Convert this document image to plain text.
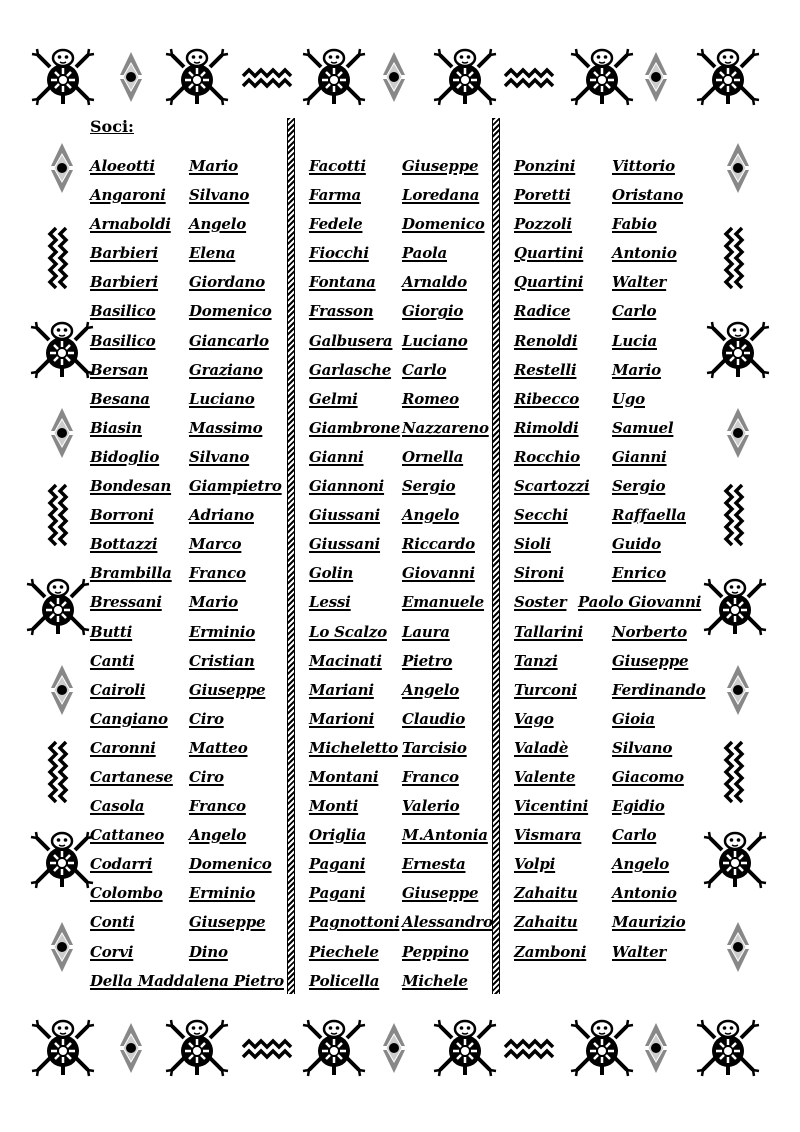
Soci:
Aloeotti Mario
Angaroni Silvano
Arnaboldi Angelo
Barbieri Elena
Barbieri Giordano
Basilico Domenico
Basilico Giancarlo
Bersan	Graziano
Besana	Luciano
Biasin	Massimo
Bidoglio Silvano
Bondesan Giampietro
Borroni Adriano
Bottazzi Marco
Brambilla Franco
Bressani Mario
Butti	Erminio
Canti	Cristian
Cairoli	Giuseppe
Cangiano Ciro
Caronni Matteo
Cartanese Ciro
Casola	Franco
Cattaneo Angelo
Codarri Domenico
Colombo Erminio
Conti	Giuseppe
Corvi	Dino
Della Maddalena Pietro
Facotti Giuseppe
Farma	Loredana
Fedele	Domenico
Fiocchi Paola
Fontana Arnaldo
Frasson Giorgio
Galbusera Luciano
Garlasche Carlo
Gelmi	Romeo
Giambrone Nazzareno
Gianni	Ornella
Giannoni Sergio
Giussani Angelo
Giussani Riccardo
Golin	Giovanni
Lessi	Emanuele
Lo Scalzo Laura
Macinati Pietro
Mariani Angelo
Marioni Claudio
Micheletto Tarcisio
Montani Franco
Monti	Valerio
Origlia M.Antonia
Pagani Ernesta
Pagani Giuseppe
Pagnottoni Alessandro
Piechele Peppino
Policella Michele
Ponzini Vittorio
Poretti	Oristano
Pozzoli	Fabio
Quartini Antonio
Quartini Walter
Radice	Carlo
Renoldi Lucia
Restelli Mario
Ribecco Ugo
Rimoldi Samuel
Rocchio Gianni
Scartozzi Sergio
Secchi	Raffaella
Sioli	Guido
Sironi	Enrico
Soster Paolo Giovanni
Tallarini Norberto
Tanzi	Giuseppe
Turconi Ferdinando
Vago	Gioia
Valadè	Silvano
Valente Giacomo
Vicentini Egidio
Vismara Carlo
Volpi	Angelo
Zahaitu Antonio
Zahaitu Maurizio
Zamboni Walter
